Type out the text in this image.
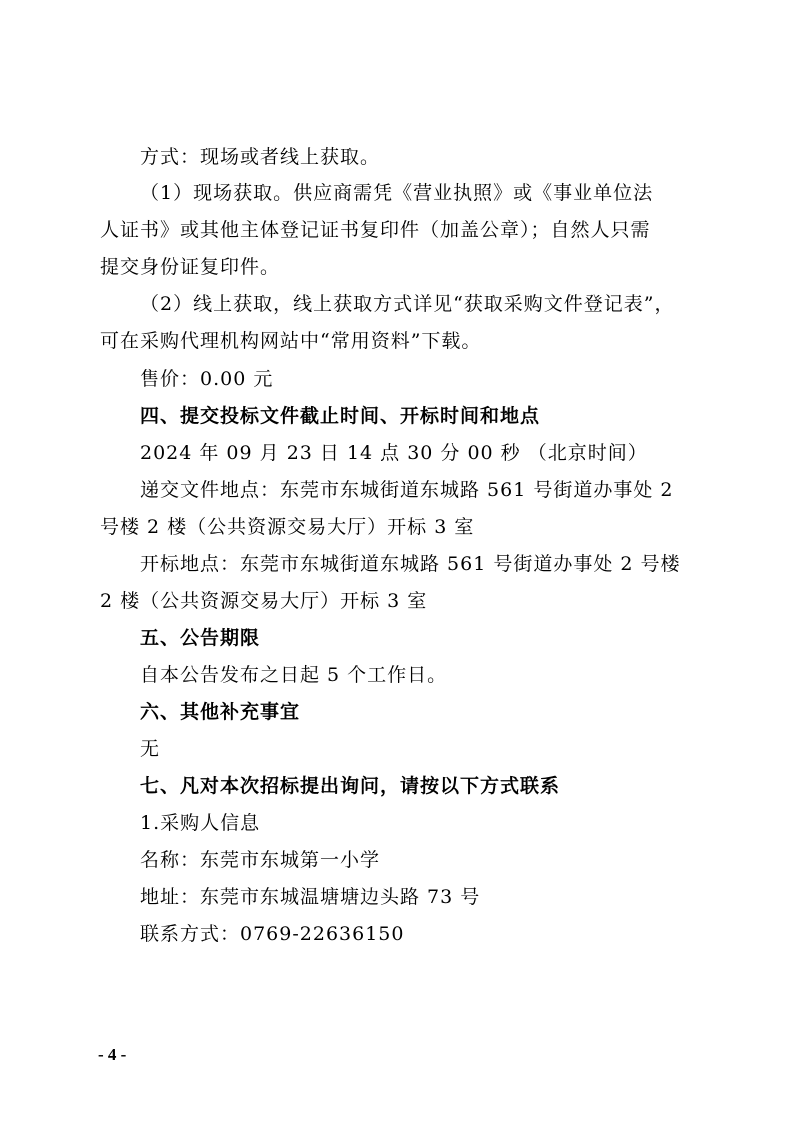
方式：现场或者线上获取。
（1）现场获取。供应商需凭《营业执照》或《事业单位法
人证书》或其他主体登记证书复印件（加盖公章）；自然人只需
提交身份证复印件。
（2）线上获取，线上获取方式详见“获取采购文件登记表”，
可在采购代理机构网站中“常用资料”下载。
售价：0.00 元
四、提交投标文件截止时间、开标时间和地点
2024 年 09 月 23 日 14 点 30 分 00 秒 （北京时间）
递交文件地点：东莞市东城街道东城路 561 号街道办事处 2
号楼 2 楼（公共资源交易大厅）开标 3 室
开标地点：东莞市东城街道东城路 561 号街道办事处 2 号楼
2 楼（公共资源交易大厅）开标 3 室
五、公告期限
自本公告发布之日起 5 个工作日。
六、其他补充事宜
无
七、凡对本次招标提出询问，请按以下方式联系
1.采购人信息
名称：东莞市东城第一小学
地址：东莞市东城温塘塘边头路 73 号
联系方式：0769-22636150
- 4 -
